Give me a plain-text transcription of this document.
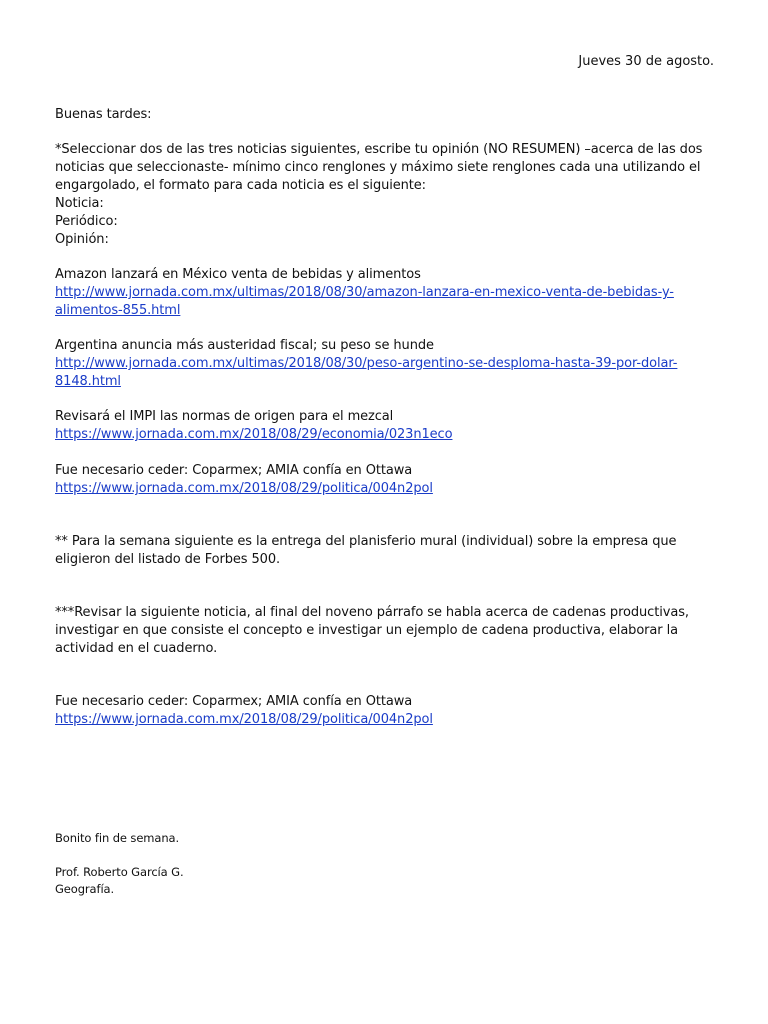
Jueves 30 de agosto.
Buenas tardes:
*Seleccionar dos de las tres noticias siguientes, escribe tu opinión (NO RESUMEN) –acerca de las dos
noticias que seleccionaste- mínimo cinco renglones y máximo siete renglones cada una utilizando el
engargolado, el formato para cada noticia es el siguiente:
Noticia:
Periódico:
Opinión:
Amazon lanzará en México venta de bebidas y alimentos
http://www.jornada.com.mx/ultimas/2018/08/30/amazon-lanzara-en-mexico-venta-de-bebidas-y-
alimentos-855.html
Argentina anuncia más austeridad fiscal; su peso se hunde
http://www.jornada.com.mx/ultimas/2018/08/30/peso-argentino-se-desploma-hasta-39-por-dolar-
8148.html
Revisará el IMPI las normas de origen para el mezcal
https://www.jornada.com.mx/2018/08/29/economia/023n1eco
Fue necesario ceder: Coparmex; AMIA confía en Ottawa
https://www.jornada.com.mx/2018/08/29/politica/004n2pol
** Para la semana siguiente es la entrega del planisferio mural (individual) sobre la empresa que
eligieron del listado de Forbes 500.
***Revisar la siguiente noticia, al final del noveno párrafo se habla acerca de cadenas productivas,
investigar en que consiste el concepto e investigar un ejemplo de cadena productiva, elaborar la
actividad en el cuaderno.
Fue necesario ceder: Coparmex; AMIA confía en Ottawa
https://www.jornada.com.mx/2018/08/29/politica/004n2pol
Bonito fin de semana.
Prof. Roberto García G.
Geografía.
